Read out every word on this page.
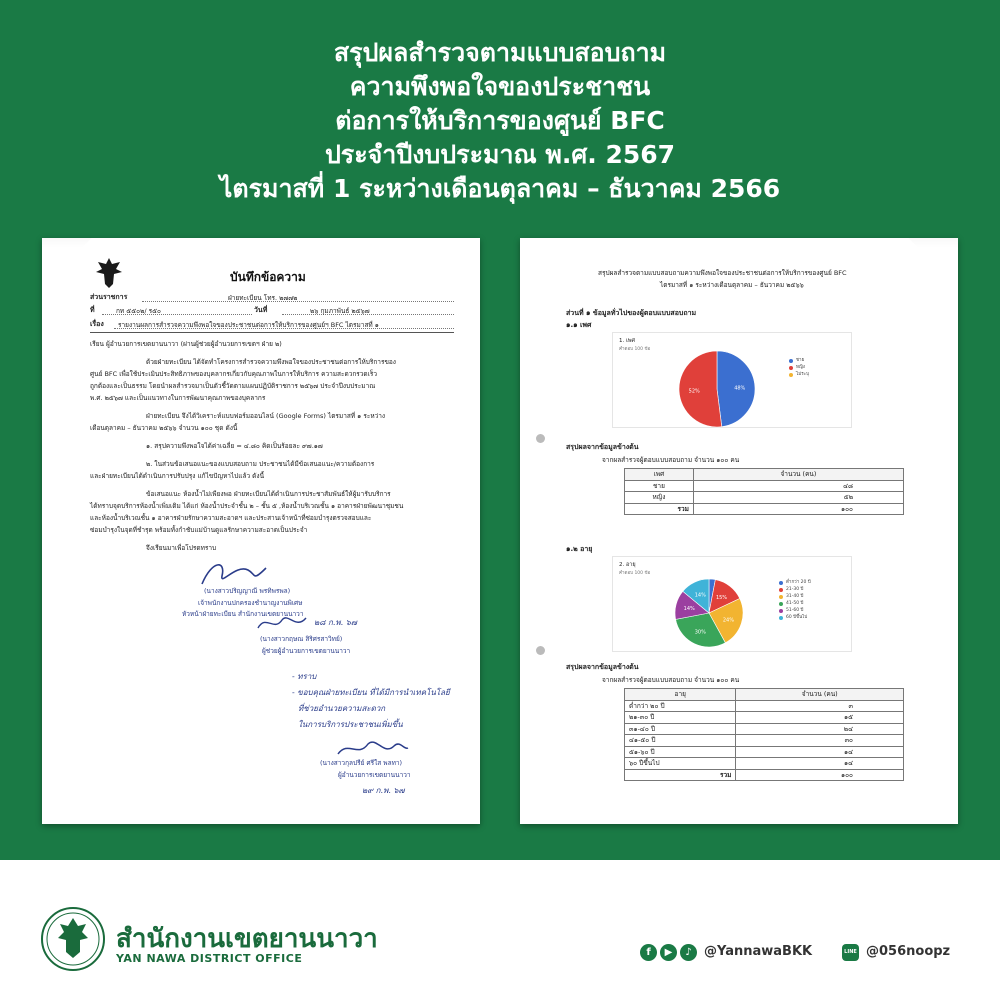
สรุปผลสำรวจตามแบบสอบถาม
ความพึงพอใจของประชาชน
ต่อการให้บริการของศูนย์ BFC
ประจำปีงบประมาณ พ.ศ. 2567
ไตรมาสที่ 1 ระหว่างเดือนตุลาคม – ธันวาคม 2566
บันทึกข้อความ
ส่วนราชการ	ฝ่ายทะเบียน โทร. ๒๗๗๒
ที่	กท ๕๕๐๒/ ร๕๐	วันที่	๒๖ กุมภาพันธ์ ๒๕๖๗
เรื่อง รายงานผลการสำรวจความพึงพอใจของประชาชนต่อการให้บริการของศูนย์ฯ BFC ไตรมาสที่ ๑
เรียน ผู้อำนวยการเขตยานนาวา (ผ่านผู้ช่วยผู้อำนวยการเขตฯ ฝ่าย ๒)
ด้วยฝ่ายทะเบียน ได้จัดทำโครงการสำรวจความพึงพอใจของประชาชนต่อการให้บริการของ
ศูนย์ BFC เพื่อใช้ประเมินประสิทธิภาพของบุคลากรเกี่ยวกับคุณภาพในการให้บริการ ความสะดวกรวดเร็ว
ถูกต้องและเป็นธรรม โดยนำผลสำรวจมาเป็นตัวชี้วัดตามแผนปฏิบัติราชการ ๒๕๖๗ ประจำปีงบประมาณ
พ.ศ. ๒๕๖๗ และเป็นแนวทางในการพัฒนาคุณภาพของบุคลากร
ฝ่ายทะเบียน จึงได้วิเคราะห์แบบฟอร์มออนไลน์ (Google Forms) ไตรมาสที่ ๑ ระหว่าง
เดือนตุลาคม – ธันวาคม ๒๕๖๖ จำนวน ๑๐๐ ชุด ดังนี้
๑. สรุปความพึงพอใจได้ค่าเฉลี่ย = ๔.๘๐ คิดเป็นร้อยละ ๙๗.๑๗
๒. ในส่วนข้อเสนอแนะของแบบสอบถาม ประชาชนได้มีข้อเสนอแนะ/ความต้องการ
และฝ่ายทะเบียนได้ดำเนินการปรับปรุง แก้ไขปัญหาไปแล้ว ดังนี้
ข้อเสนอแนะ ห้องน้ำไม่เพียงพอ ฝ่ายทะเบียนได้ดำเนินการประชาสัมพันธ์ให้ผู้มารับบริการ
ได้ทราบจุดบริการห้องน้ำเพิ่มเติม ได้แก่ ห้องน้ำประจำชั้น ๒ – ชั้น ๕ ,ห้องน้ำบริเวณชั้น ๑ อาคารฝ่ายพัฒนาชุมชน
และห้องน้ำบริเวณชั้น ๑ อาคารฝ่ายรักษาความสะอาดฯ และประสานเจ้าหน้าที่ซ่อมบำรุงตรวจสอบและ
ซ่อมบำรุงในจุดที่ชำรุด พร้อมทั้งกำชับแม่บ้านดูแลรักษาความสะอาดเป็นประจำ
จึงเรียนมาเพื่อโปรดทราบ
(นางสาวปริญญาณี พรทิพรพล)
เจ้าพนักงานปกครองชำนาญงานพิเศษ
หัวหน้าฝ่ายทะเบียน สำนักงานเขตยานนาวา
๒๘ ก.พ. ๖๗
(นางสาวกฤษณ สิริศรสาวิทย์)
ผู้ช่วยผู้อำนวยการเขตยานนาวา
- ทราบ
- ขอบคุณฝ่ายทะเบียน ที่ได้มีการนำเทคโนโลยี
ที่ช่วยอำนวยความสะดวก
ในการบริการประชาชนเพิ่มขึ้น
(นางสาวกุลปรีย์ ศรีใส พลทา)
ผู้อำนวยการเขตยานนาวา
๒๙ ก.พ. ๖๗
สรุปผลสำรวจตามแบบสอบถามความพึงพอใจของประชาชนต่อการให้บริการของศูนย์ BFC
ไตรมาสที่ ๑ ระหว่างเดือนตุลาคม – ธันวาคม ๒๕๖๖
ส่วนที่ ๑ ข้อมูลทั่วไปของผู้ตอบแบบสอบถาม
๑.๑ เพศ
1. เพศ
คำตอบ 100 ข้อ
48%
52%
ชาย
หญิง
ไม่ระบุ
สรุปผลจากข้อมูลข้างต้น
จากผลสำรวจผู้ตอบแบบสอบถาม จำนวน ๑๐๐ คน
เพศ	จำนวน (คน)
ชาย	๔๘
หญิง	๕๒
รวม	๑๐๐
๑.๒ อายุ
2. อายุ
คำตอบ 100 ข้อ
15%
24%
30%
14%
14%
ต่ำกว่า 20 ปี
21-30 ปี
31-40 ปี
41-50 ปี
51-60 ปี
60 ปีขึ้นไป
สรุปผลจากข้อมูลข้างต้น
จากผลสำรวจผู้ตอบแบบสอบถาม จำนวน ๑๐๐ คน
อายุ	จำนวน (คน)
ต่ำกว่า ๒๐ ปี	๓
๒๑-๓๐ ปี	๑๕
๓๑-๔๐ ปี	๒๔
๔๑-๕๐ ปี	๓๐
๕๑-๖๐ ปี	๑๔
๖๐ ปีขึ้นไป	๑๔
รวม	๑๐๐
สำนักงานเขตยานนาวา
YAN NAWA DISTRICT OFFICE	f	▶	♪ @YannawaBKK	LINE @056noopz
